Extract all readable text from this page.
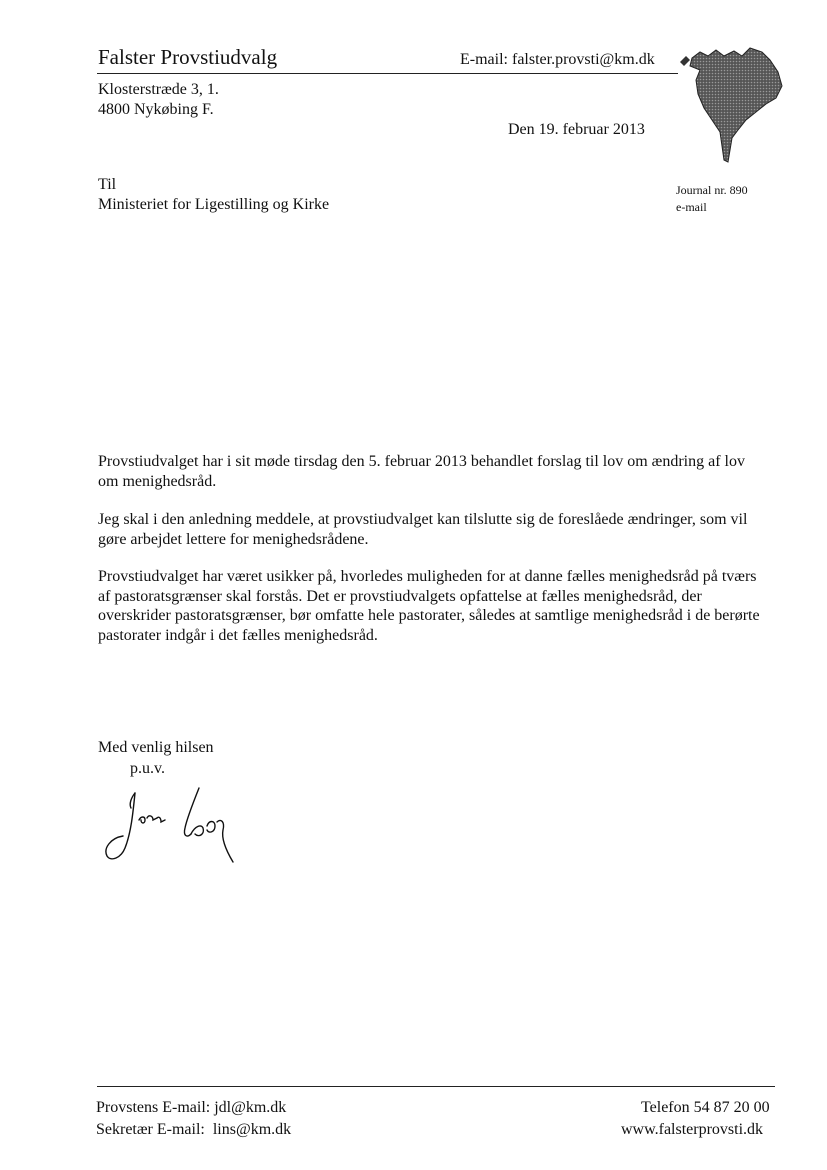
Falster Provstiudvalg	E-mail: falster.provsti@km.dk
Klosterstræde 3, 1.
4800 Nykøbing F.
Den 19. februar 2013
Til
Ministeriet for Ligestilling og Kirke
Journal nr. 890
e-mail
Provstiudvalget har i sit møde tirsdag den 5. februar 2013 behandlet forslag til lov om ændring af lov om menighedsråd.
Jeg skal i den anledning meddele, at provstiudvalget kan tilslutte sig de foreslåede ændringer, som vil gøre arbejdet lettere for menighedsrådene.
Provstiudvalget har været usikker på, hvorledes muligheden for at danne fælles menighedsråd på tværs af pastoratsgrænser skal forstås. Det er provstiudvalgets opfattelse at fælles menighedsråd, der overskrider pastoratsgrænser, bør omfatte hele pastorater, således at samtlige menighedsråd i de berørte pastorater indgår i det fælles menighedsråd.
Med venlig hilsen
p.u.v.
Provstens E-mail: jdl@km.dk
Sekretær E-mail:  lins@km.dk
Telefon 54 87 20 00
www.falsterprovsti.dk
